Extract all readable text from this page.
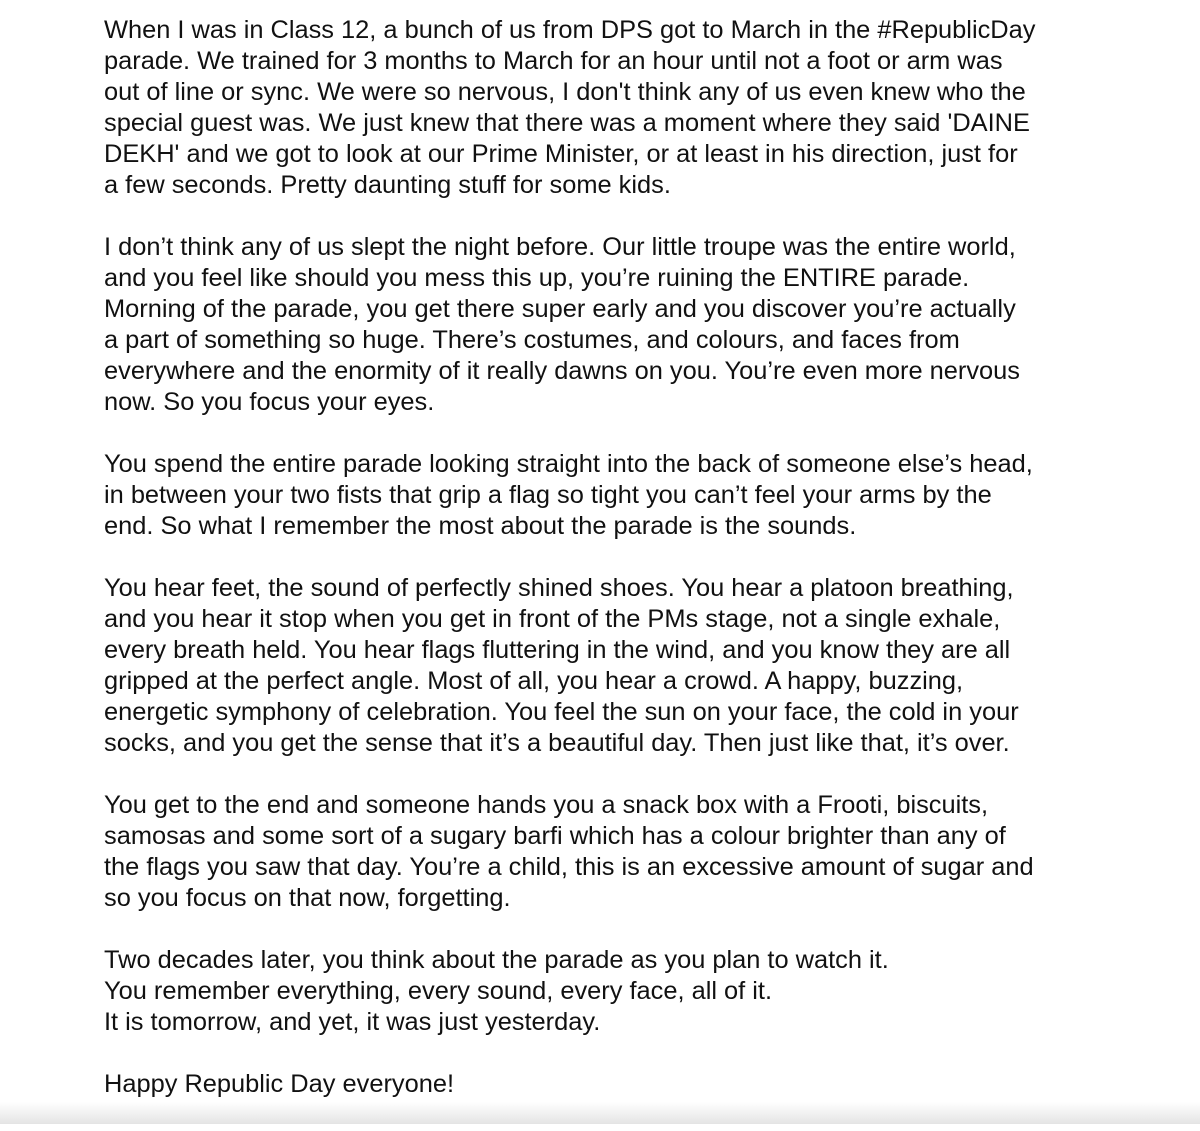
When I was in Class 12, a bunch of us from DPS got to March in the #RepublicDay
parade. We trained for 3 months to March for an hour until not a foot or arm was
out of line or sync. We were so nervous, I don't think any of us even knew who the
special guest was. We just knew that there was a moment where they said 'DAINE
DEKH' and we got to look at our Prime Minister, or at least in his direction, just for
a few seconds. Pretty daunting stuff for some kids.

I don’t think any of us slept the night before. Our little troupe was the entire world,
and you feel like should you mess this up, you’re ruining the ENTIRE parade.
Morning of the parade, you get there super early and you discover you’re actually
a part of something so huge. There’s costumes, and colours, and faces from
everywhere and the enormity of it really dawns on you. You’re even more nervous
now. So you focus your eyes.

You spend the entire parade looking straight into the back of someone else’s head,
in between your two fists that grip a flag so tight you can’t feel your arms by the
end. So what I remember the most about the parade is the sounds.

You hear feet, the sound of perfectly shined shoes. You hear a platoon breathing,
and you hear it stop when you get in front of the PMs stage, not a single exhale,
every breath held. You hear flags fluttering in the wind, and you know they are all
gripped at the perfect angle. Most of all, you hear a crowd. A happy, buzzing,
energetic symphony of celebration. You feel the sun on your face, the cold in your
socks, and you get the sense that it’s a beautiful day. Then just like that, it’s over.

You get to the end and someone hands you a snack box with a Frooti, biscuits,
samosas and some sort of a sugary barfi which has a colour brighter than any of
the flags you saw that day. You’re a child, this is an excessive amount of sugar and
so you focus on that now, forgetting.

Two decades later, you think about the parade as you plan to watch it.
You remember everything, every sound, every face, all of it.
It is tomorrow, and yet, it was just yesterday.

Happy Republic Day everyone!
